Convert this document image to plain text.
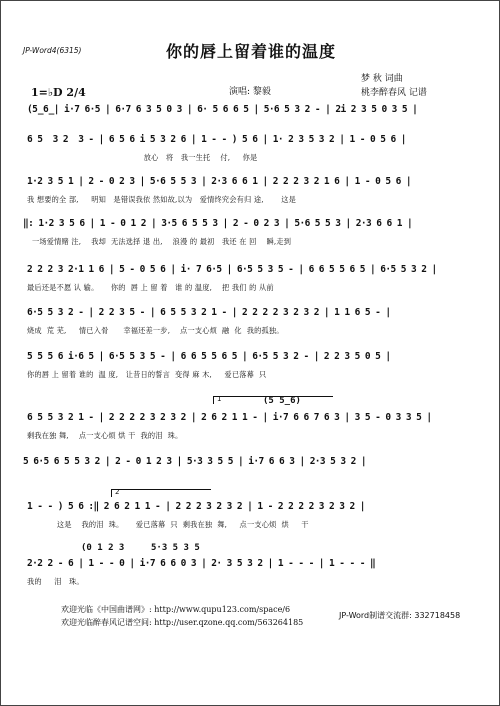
JP-Word4(6315)	你的唇上留着谁的温度
梦 秋 词曲
桃李醉春风 记谱
1=♭D 2/4	演唱: 黎毅
(5̲6̲| i·7 6·5 | 6·7 6 3 5 0 3 | 6· 5 6 6 5 | 5·6 5 3 2 - | 2i 2 3 5 0 3 5 |
6 5  3 2  3 - | 6 5 6 i 5 3 2 6 | 1 - - ) 5 6 | 1· 2 3 5 3 2 | 1 - 0 5 6 |
放心   将   我一生托    付,     你是
1·2 3 5 1 | 2 - 0 2 3 | 5·6 5 5 3 | 2·3 6 6 1 | 2 2 2 3 2 1 6 | 1 - 0 5 6 |
我 想要的全 部,     明知   是错误我依 然如故,以为   爱情终究会有归 途,       这是
‖: 1·2 3 5 6 | 1 - 0 1 2 | 3·5 6 5 5 3 | 2 - 0 2 3 | 5·6 5 5 3 | 2·3 6 6 1 |
一场爱情赌 注,    我却  无法选择 退 出,    浪漫 的 最初   我还 在 回    瞬,走到
2 2 2 3 2·1 1 6 | 5 - 0 5 6 | i· 7 6·5 | 6·5 5 3 5 - | 6 6 5 5 6 5 | 6·5 5 3 2 |
最后还是不愿 认 输。     你的  唇 上 留 着   谁 的 温度,    把 我们 的 从前
6·5 5 3 2 - | 2 2 3 5 - | 6 5 5 3 2 1 - | 2 2 2 2 3 2 3 2 | 1 1 6 5 - |
烧成  荒 芜,     情已入骨      幸福还差一步,    点一支心烦  融  化  我的孤独。
5 5 5 6 i·6 5 | 6·5 5 3 5 - | 6 6 5 5 6 5 | 6·5 5 3 2 - | 2 2 3 5 0 5 |
你的唇 上 留着 谁的  温 度,   让昔日的誓言  变得 麻 木,     爱已落幕  只
1	(5 5̲6)
6 5 5 3 2 1 - | 2 2 2 2 3 2 3 2 | 2 6 2 1 1 - | i·7 6 6 7 6 3 | 3 5 - 0 3 3 5 |
剩我在独 舞,    点一支心烦 烘 干  我的泪  珠。
5 6·5 6 5 5 3 2 | 2 - 0 1 2 3 | 5·3 3 5 5 | i·7 6 6 3 | 2·3 5 3 2 |
2
1 - - ) 5 6 :‖ 2 6 2 1 1 - | 2 2 2 3 2 3 2 | 1 - 2 2 2 2 3 2 3 2 |
这是    我的泪  珠。     爱已落幕  只  剩我在独  舞,     点一支心烦  烘     干
(0 1 2 3	5·3 5 3 5
2·2 2 - 6 | 1 - - 0 | i·7 6 6 0 3 | 2· 3 5 3 2 | 1 - - - | 1 - - - ‖
我的     泪   珠。
欢迎光临《中国曲谱网》: http://www.qupu123.com/space/6
欢迎光临醉春风记谱空间: http://user.qzone.qq.com/563264185
JP-Word制谱交流群: 332718458
